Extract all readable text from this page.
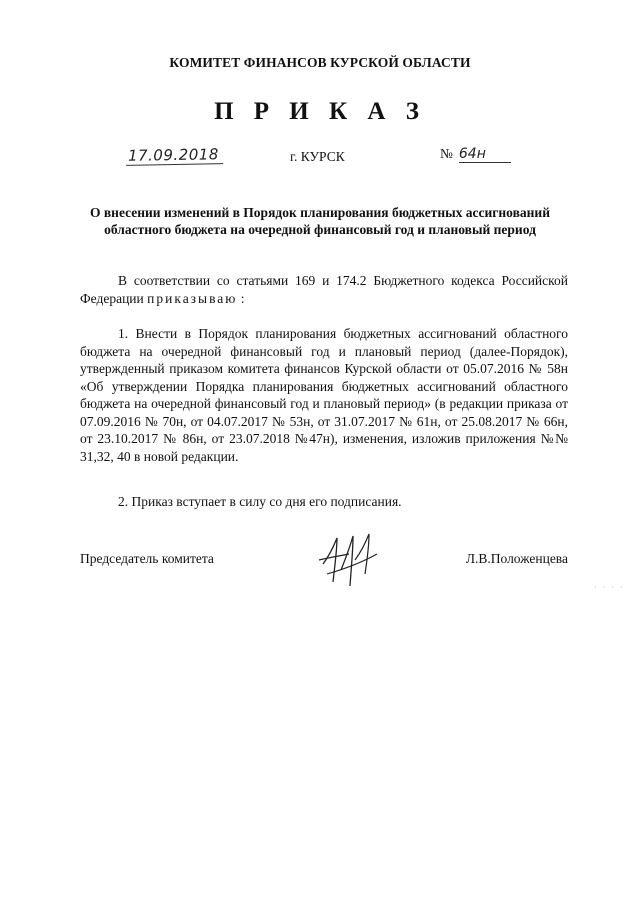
КОМИТЕТ ФИНАНСОВ КУРСКОЙ ОБЛАСТИ
П Р И К А З
17.09.2018	г. КУРСК	№ 64н
О внесении изменений в Порядок планирования бюджетных ассигнований областного бюджета на очередной финансовый год и плановый период
В соответствии со статьями 169 и 174.2 Бюджетного кодекса Российской Федерации приказываю :
1. Внести в Порядок планирования бюджетных ассигнований областного бюджета на очередной финансовый год и плановый период (далее-Порядок), утвержденный приказом комитета финансов Курской области от 05.07.2016 № 58н «Об утверждении Порядка планирования бюджетных ассигнований областного бюджета на очередной финансовый год и плановый период» (в редакции приказа от 07.09.2016 № 70н, от 04.07.2017 № 53н, от 31.07.2017 № 61н, от 25.08.2017 № 66н, от 23.10.2017 № 86н, от 23.07.2018 №47н), изменения, изложив приложения №№ 31,32, 40 в новой редакции.
2. Приказ вступает в силу со дня его подписания.
Председатель комитета	Л.В.Положенцева
· · · ·
